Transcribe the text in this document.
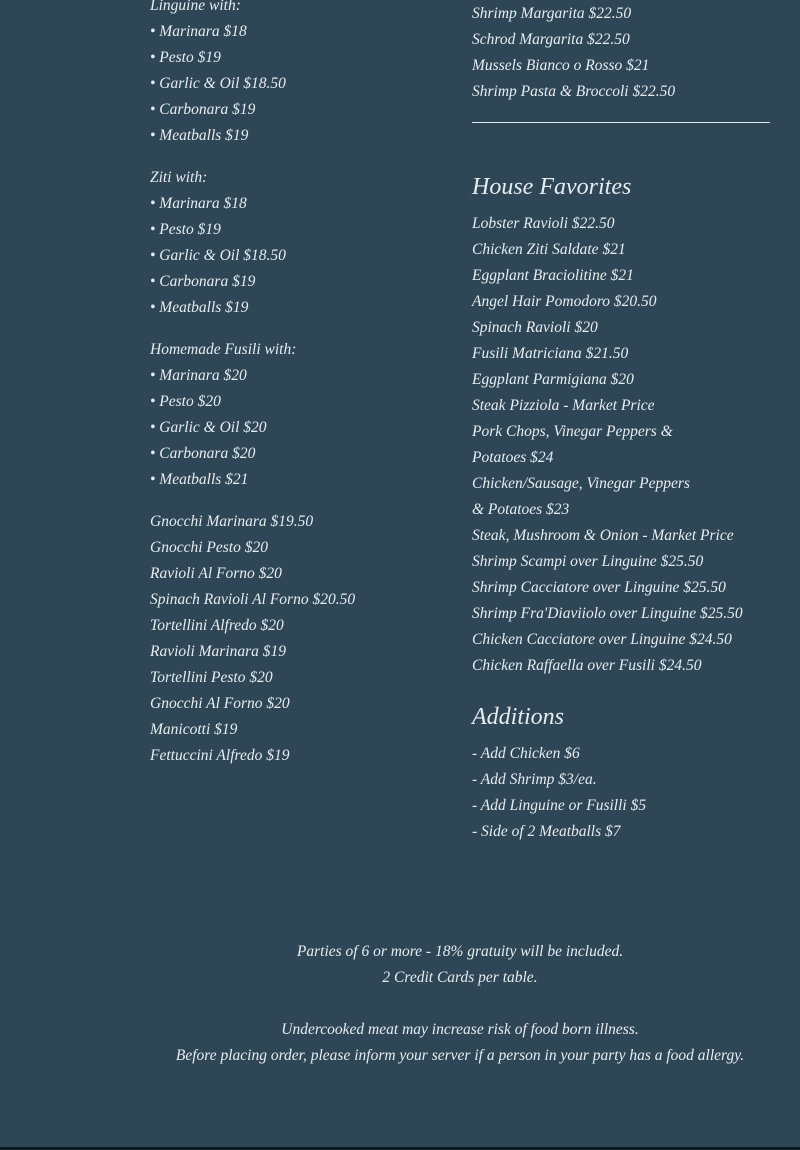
Linguine with:
• Marinara $18
• Pesto $19
• Garlic & Oil $18.50
• Carbonara $19
• Meatballs $19
Ziti with:
• Marinara $18
• Pesto $19
• Garlic & Oil $18.50
• Carbonara $19
• Meatballs $19
Homemade Fusili with:
• Marinara $20
• Pesto $20
• Garlic & Oil $20
• Carbonara $20
• Meatballs $21
Gnocchi Marinara $19.50
Gnocchi Pesto $20
Ravioli Al Forno $20
Spinach Ravioli Al Forno $20.50
Tortellini Alfredo $20
Ravioli Marinara $19
Tortellini Pesto $20
Gnocchi Al Forno $20
Manicotti $19
Fettuccini Alfredo $19
Shrimp Margarita $22.50
Schrod Margarita $22.50
Mussels Bianco o Rosso $21
Shrimp Pasta & Broccoli $22.50
House Favorites
Lobster Ravioli $22.50
Chicken Ziti Saldate $21
Eggplant Braciolitine $21
Angel Hair Pomodoro $20.50
Spinach Ravioli $20
Fusili Matriciana $21.50
Eggplant Parmigiana $20
Steak Pizziola - Market Price
Pork Chops, Vinegar Peppers & Potatoes $24
Chicken/Sausage, Vinegar Peppers & Potatoes $23
Steak, Mushroom & Onion - Market Price
Shrimp Scampi over Linguine $25.50
Shrimp Cacciatore over Linguine $25.50
Shrimp Fra'Diaviiolo over Linguine $25.50
Chicken Cacciatore over Linguine $24.50
Chicken Raffaella over Fusili $24.50
Additions
- Add Chicken $6
- Add Shrimp $3/ea.
- Add Linguine or Fusilli $5
- Side of 2 Meatballs $7
Parties of 6 or more - 18% gratuity will be included.
2 Credit Cards per table.
Undercooked meat may increase risk of food born illness.
Before placing order, please inform your server if a person in your party has a food allergy.
